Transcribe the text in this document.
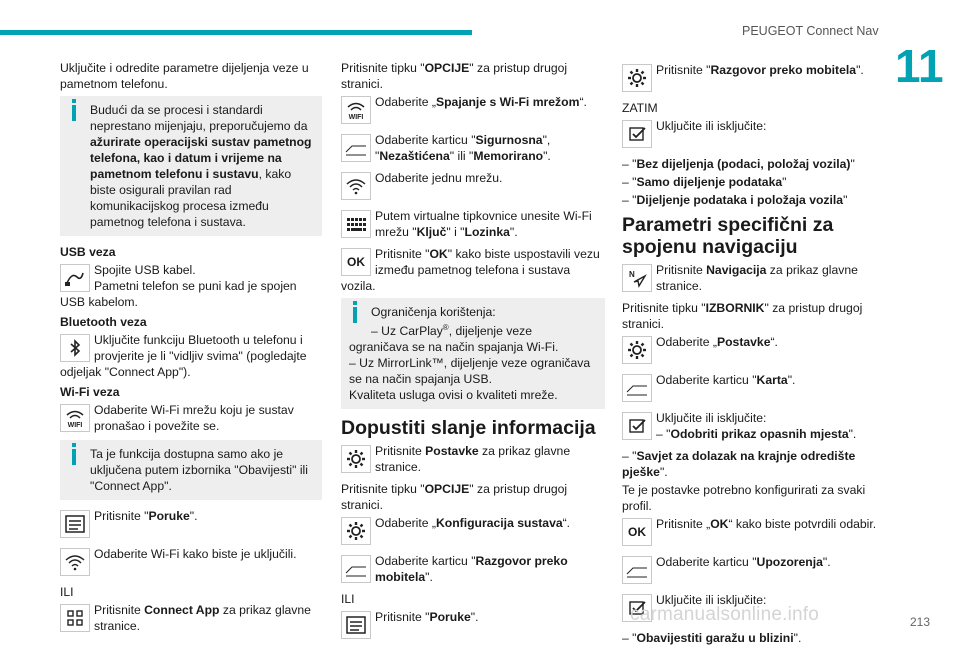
PEUGEOT Connect Nav
11

Uključite i odredite parametre dijeljenja veze u pametnom telefonu.

Budući da se procesi i standardi neprestano mijenjaju, preporučujemo da ažurirate operacijski sustav pametnog telefona, kao i datum i vrijeme na pametnom telefonu i sustavu, kako biste osigurali pravilan rad komunikacijskog procesa između pametnog telefona i sustava.

USB veza

Spojite USB kabel.
Pametni telefon se puni kad je spojen
USB kabelom.

Bluetooth veza

Uključite funkciju Bluetooth u telefonu i
provjerite je li "vidljiv svima" (pogledajte
odjeljak "Connect App").

Wi-Fi veza

WIFI
Odaberite Wi-Fi mrežu koju je sustav
pronašao i povežite se.
Ta je funkcija dostupna samo ako je uključena putem izbornika "Obavijesti" ili "Connect App".
Pritisnite "Poruke".
Odaberite Wi-Fi kako biste je uključili.

ILI

Pritisnite Connect App za prikaz glavne stranice.

Pritisnite tipku "OPCIJE" za pristup drugoj stranici.

WIFI
Odaberite „Spajanje s Wi-Fi mrežom“.
Odaberite karticu "Sigurnosna", "Nezaštićena" ili "Memorirano".
Odaberite jednu mrežu.
Putem virtualne tipkovnice unesite Wi-Fi mrežu "Ključ" i "Lozinka".
OK
Pritisnite "OK" kako biste uspostavili vezu
između pametnog telefona i sustava
vozila.
Ograničenja korištenja:
– Uz CarPlay®, dijeljenje veze
ograničava se na način spajanja Wi-Fi.
– Uz MirrorLink™, dijeljenje veze ograničava se na način spajanja USB.
Kvaliteta usluga ovisi o kvaliteti mreže.
Dopustiti slanje informacija
Pritisnite Postavke za prikaz glavne stranice.

Pritisnite tipku "OPCIJE" za pristup drugoj stranici.

Odaberite „Konfiguracija sustava“.
Odaberite karticu "Razgovor preko mobitela".

ILI

Pritisnite "Poruke".
Pritisnite "Razgovor preko mobitela".

ZATIM

Uključite ili isključite:

– "Bez dijeljenja (podaci, položaj vozila)"

– "Samo dijeljenje podataka"

– "Dijeljenje podataka i položaja vozila"

Parametri specifični za spojenu navigaciju
N	Pritisnite Navigacija za prikaz glavne stranice.

Pritisnite tipku "IZBORNIK" za pristup drugoj stranici.

Odaberite „Postavke“.
Odaberite karticu "Karta".
Uključite ili isključite:
– "Odobriti prikaz opasnih mjesta".

– "Savjet za dolazak na krajnje odredište pješke".

Te je postavke potrebno konfigurirati za svaki profil.

OK
Pritisnite „OK“ kako biste potvrdili odabir.
Odaberite karticu "Upozorenja".
Uključite ili isključite:

– "Obavijestiti garažu u blizini".

carmanualsonline.info	213
